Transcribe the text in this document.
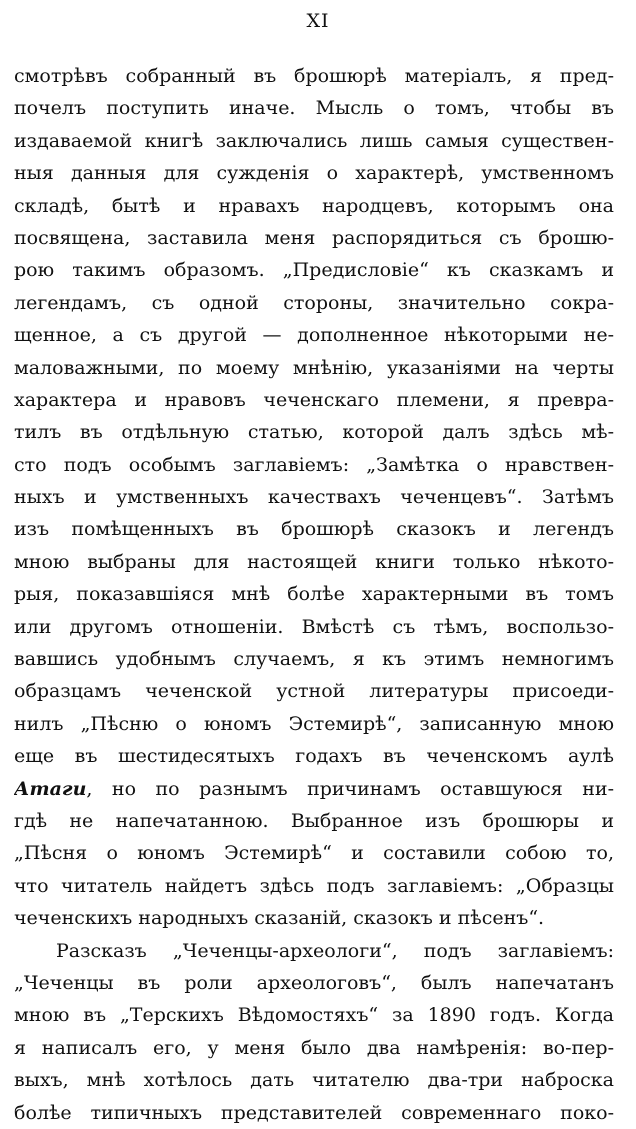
XI
смотрѣвъ собранный въ брошюрѣ матеріалъ, я пред-
почелъ поступить иначе. Мысль о томъ, чтобы въ
издаваемой книгѣ заключались лишь самыя существен-
ныя данныя для сужденія о характерѣ, умственномъ
складѣ, бытѣ и нравахъ народцевъ, которымъ она
посвящена, заставила меня распорядиться съ брошю-
рою такимъ образомъ. „Предисловіе“ къ сказкамъ и
легендамъ, съ одной стороны, значительно сокра-
щенное, а съ другой — дополненное нѣкоторыми не-
маловажными, по моему мнѣнію, указаніями на черты
характера и нравовъ чеченскаго племени, я превра-
тилъ въ отдѣльную статью, которой далъ здѣсь мѣ-
сто подъ особымъ заглавіемъ: „Замѣтка о нравствен-
ныхъ и умственныхъ качествахъ чеченцевъ“. Затѣмъ
изъ помѣщенныхъ въ брошюрѣ сказокъ и легендъ
мною выбраны для настоящей книги только нѣкото-
рыя, показавшіяся мнѣ болѣе характерными въ томъ
или другомъ отношеніи. Вмѣстѣ съ тѣмъ, воспользо-
вавшись удобнымъ случаемъ, я къ этимъ немногимъ
образцамъ чеченской устной литературы присоеди-
нилъ „Пѣсню о юномъ Эстемирѣ“, записанную мною
еще въ шестидесятыхъ годахъ въ чеченскомъ аулѣ
Атаги, но по разнымъ причинамъ оставшуюся ни-
гдѣ не напечатанною. Выбранное изъ брошюры и
„Пѣсня о юномъ Эстемирѣ“ и составили собою то,
что читатель найдетъ здѣсь подъ заглавіемъ: „Образцы
чеченскихъ народныхъ сказаній, сказокъ и пѣсенъ“.
Разсказъ „Чеченцы-археологи“, подъ заглавіемъ:
„Чеченцы въ роли археологовъ“, былъ напечатанъ
мною въ „Терскихъ Вѣдомостяхъ“ за 1890 годъ. Когда
я написалъ его, у меня было два намѣренія: во-пер-
выхъ, мнѣ хотѣлось дать читателю два-три наброска
болѣе типичныхъ представителей современнаго поко-
